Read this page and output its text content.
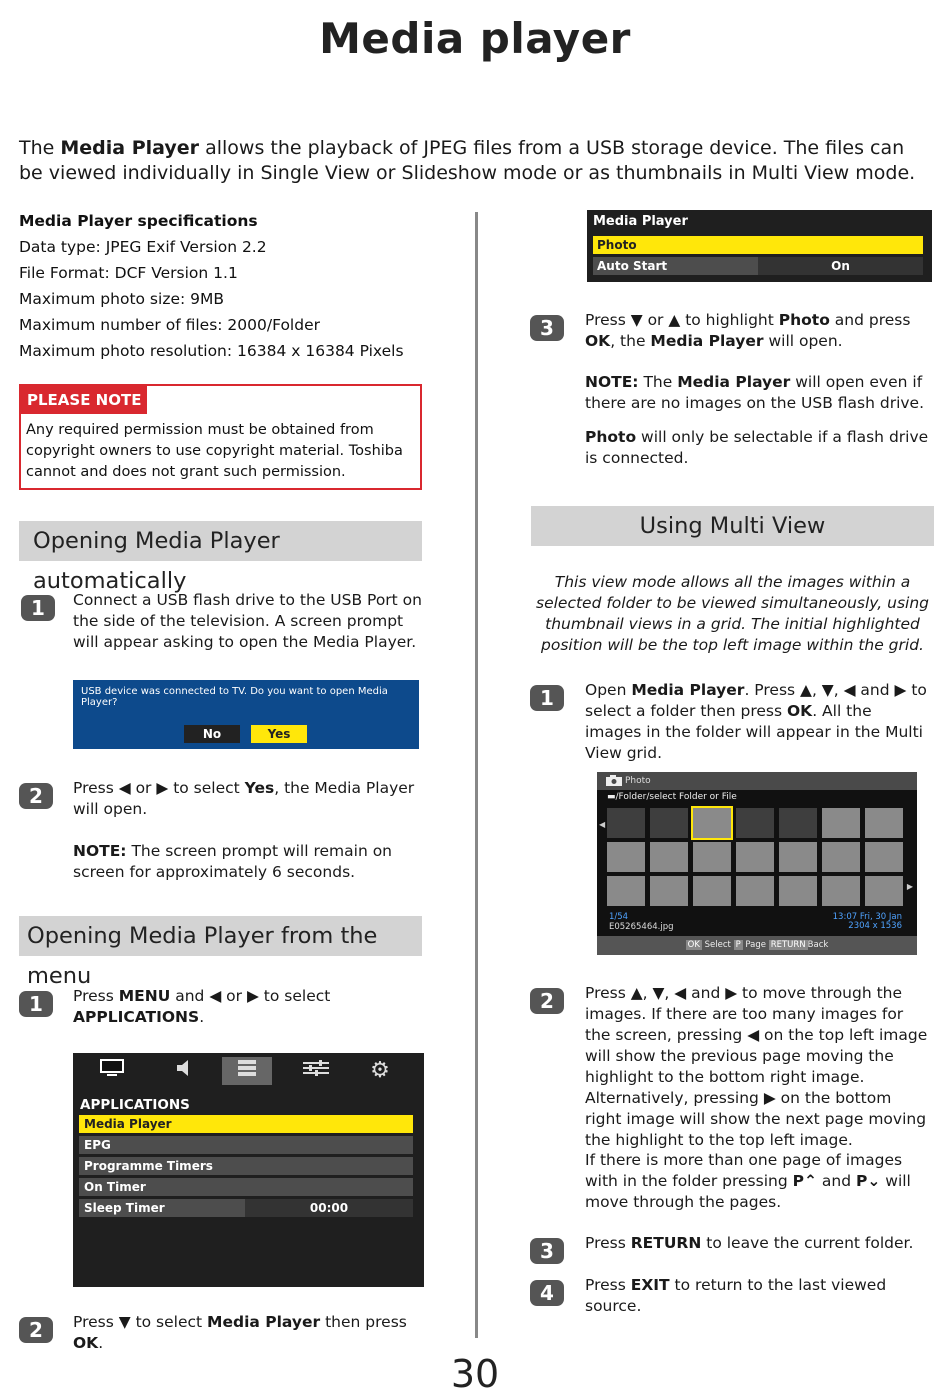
Media player
The Media Player allows the playback of JPEG files from a USB storage device. The files can be viewed individually in Single View or Slideshow mode or as thumbnails in Multi View mode.
Media Player specifications
Data type: JPEG Exif Version 2.2
File Format: DCF Version 1.1
Maximum photo size: 9MB
Maximum number of files: 2000/Folder
Maximum photo resolution: 16384 x 16384 Pixels
PLEASE NOTE
Any required permission must be obtained from copyright owners to use copyright material. Toshiba cannot and does not grant such permission.
Opening Media Player automatically
1	Connect a USB flash drive to the USB Port on the side of the television. A screen prompt will appear asking to open the Media Player.
USB device was connected to TV. Do you want to open Media Player?
No	Yes
2	Press ◀ or ▶ to select Yes, the Media Player will open.
NOTE: The screen prompt will remain on screen for approximately 6 seconds.
Opening Media Player from the menu
1	Press MENU and ◀ or ▶ to select
APPLICATIONS.
⚙
APPLICATIONS
Media Player
EPG
Programme Timers
On Timer
Sleep Timer	00:00
2	Press ▼ to select Media Player then press OK.
Media Player
Photo
Auto Start	On
3	Press ▼ or ▲ to highlight Photo and press OK, the Media Player will open.
NOTE: The Media Player will open even if there are no images on the USB flash drive.
Photo will only be selectable if a flash drive is connected.
Using Multi View
This view mode allows all the images within a selected folder to be viewed simultaneously, using thumbnail views in a grid. The initial highlighted position will be the top left image within the grid.
1	Open Media Player. Press ▲, ▼, ◀ and ▶ to select a folder then press OK. All the images in the folder will appear in the Multi View grid.
Photo
▬/Folder/select Folder or File
◀
▶
1/54
E05265464.jpg
13:07 Fri, 30 Jan
2304 x 1536
OK Select P Page RETURN Back
2	Press ▲, ▼, ◀ and ▶ to move through the images. If there are too many images for the screen, pressing ◀ on the top left image will show the previous page moving the highlight to the bottom right image. Alternatively, pressing ▶ on the bottom right image will show the next page moving the highlight to the top left image.
If there is more than one page of images with in the folder pressing P⌃ and P⌄ will move through the pages.
3	Press RETURN to leave the current folder.
4	Press EXIT to return to the last viewed source.
30
